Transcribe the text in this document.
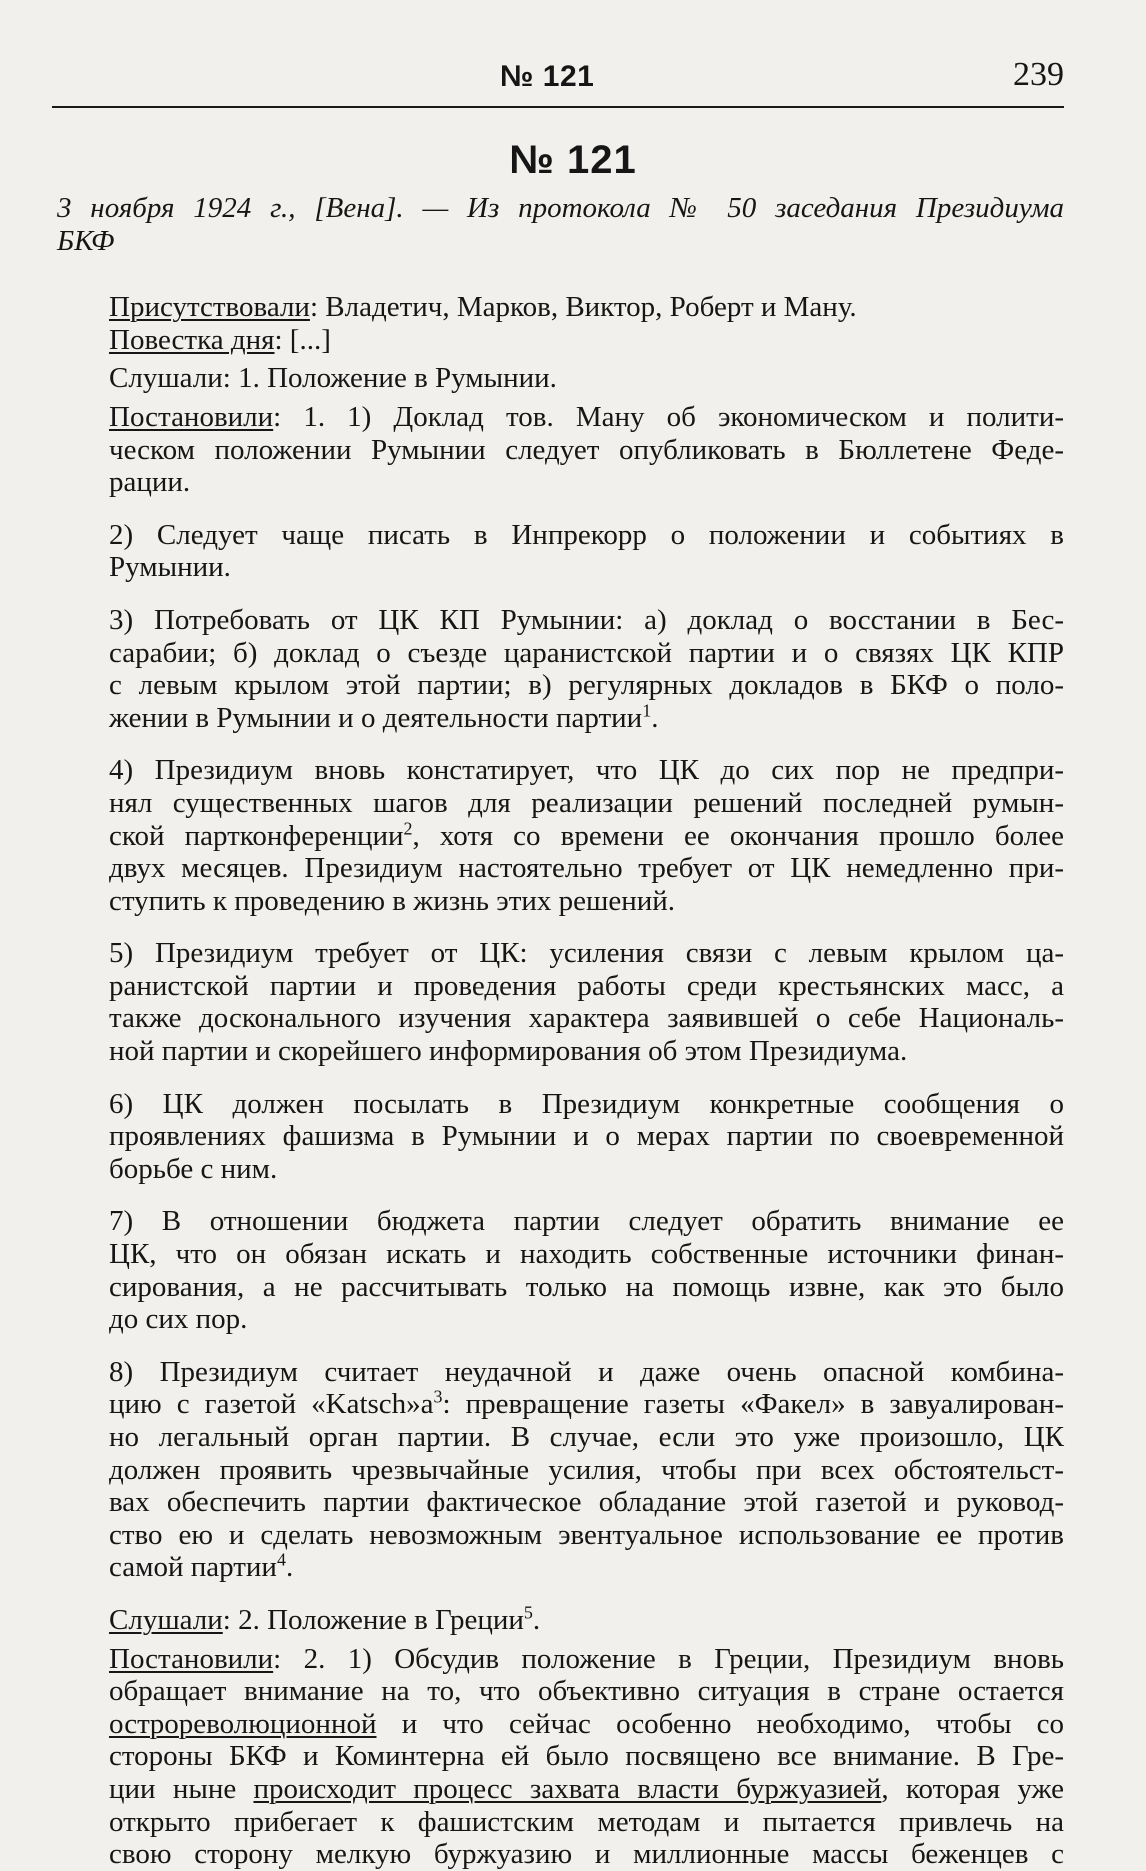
№ 121	239
№ 121

3 ноября 1924 г., [Вена]. — Из протокола № 50 заседания Президиума
БКФ

Присутствовали: Владетич, Марков, Виктор, Роберт и Ману.

Повестка дня: [...]

Слушали: 1. Положение в Румынии.

Постановили: 1. 1) Доклад тов. Ману об экономическом и полити-
ческом положении Румынии следует опубликовать в Бюллетене Феде-
рации.

2) Следует чаще писать в Инпрекорр о положении и событиях в
Румынии.

3) Потребовать от ЦК КП Румынии: а) доклад о восстании в Бес-
сарабии; б) доклад о съезде царанистской партии и о связях ЦК КПР
с левым крылом этой партии; в) регулярных докладов в БКФ о поло-
жении в Румынии и о деятельности партии$^1$.

4) Президиум вновь констатирует, что ЦК до сих пор не предпри-
нял существенных шагов для реализации решений последней румын-
ской партконференции$^2$, хотя со времени ее окончания прошло более
двух месяцев. Президиум настоятельно требует от ЦК немедленно при-
ступить к проведению в жизнь этих решений.

5) Президиум требует от ЦК: усиления связи с левым крылом ца-
ранистской партии и проведения работы среди крестьянских масс, а
также доскональног​о изучения характера заявившей о себе Националь-
ной партии и скорейшего информирования об этом Президиума.

6) ЦК должен посылать в Президиум конкретные сообщения о
проявлениях фашизма в Румынии и о мерах партии по своевременной
борьбе с ним.

7) В отношении бюджета партии следует обратить внимание ее
ЦК, что он обязан искать и находить собственные источники финан-
сирования, а не рассчитывать только на помощь извне, как это было
до сих пор.

8) Президиум считает неудачной и даже очень опасной комбина-
цию с газетой «$Katsch»а^3$: превращение газеты «Факел» в завуалирован-
но легальный орган партии. В случае, если это уже произошло, ЦК
должен проявить чрезвычайные усилия, чтобы при всех обстоятельст-
вах обеспечить партии фактическое обладание этой газетой и руковод-
ство ею и сделать невозможным эвентуальное использование ее против
самой партии$^4$.

Слушали: 2. Положение в Греции$^5$.

Постановили: 2. 1) Обсудив положение в Греции, Президиум вновь
обращает внимание на то, что объективно ситуация в стране остается
остpореволюционной и что сейчас особенно необходимо, чтобы со
стороны БКФ и Коминтерна ей было посвящено все внимание. В Гре-
ции ныне происходит процесс захвата власти буржуазией, которая уже
открыто прибегает к фашистским методам и пытается привлечь на
свою сторону мелкую буржуазию и миллионные массы беженцев с
